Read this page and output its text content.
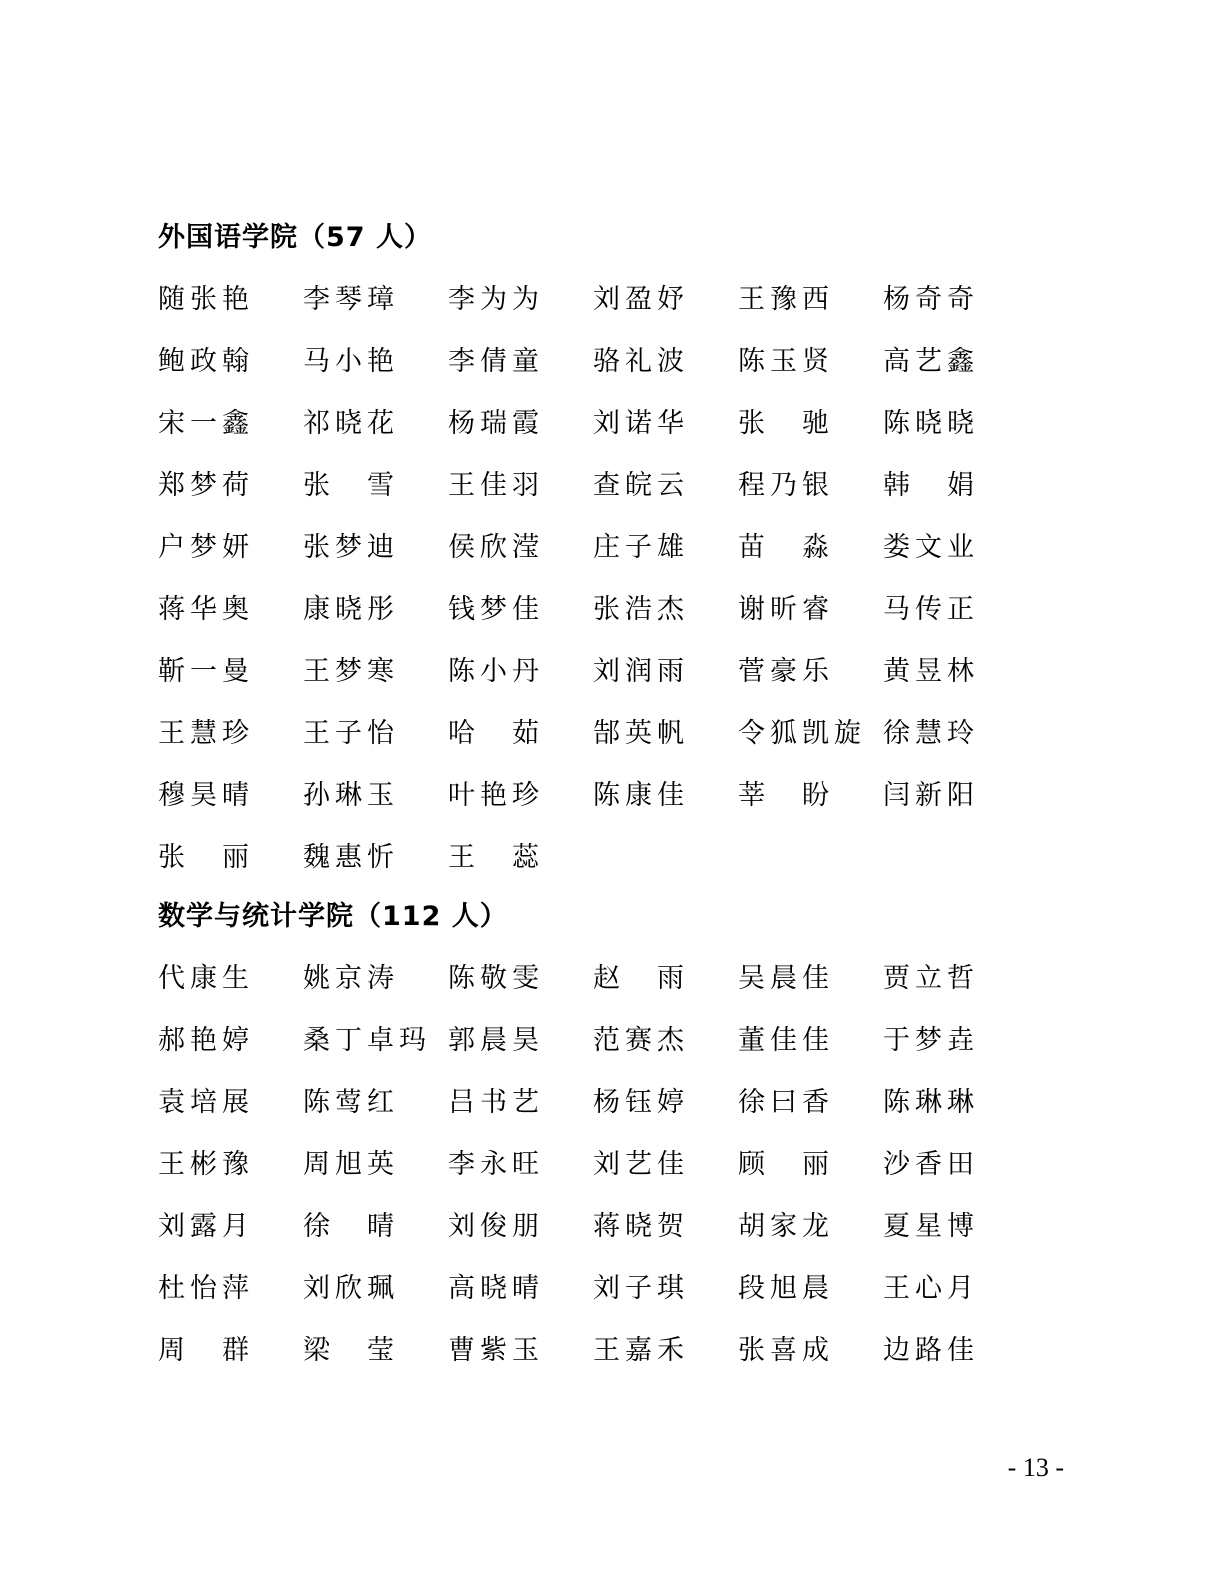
外国语学院（57 人）
随张艳	李琴璋	李为为	刘盈妤	王豫西	杨奇奇
鲍政翰	马小艳	李倩童	骆礼波	陈玉贤	高艺鑫
宋一鑫	祁晓花	杨瑞霞	刘诺华	张　驰	陈晓晓
郑梦荷	张　雪	王佳羽	查皖云	程乃银	韩　娟
户梦妍	张梦迪	侯欣滢	庄子雄	苗　淼	娄文业
蒋华奥	康晓彤	钱梦佳	张浩杰	谢昕睿	马传正
靳一曼	王梦寒	陈小丹	刘润雨	菅豪乐	黄昱林
王慧珍	王子怡	哈　茹	郜英帆	令狐凯旋 徐慧玲
穆昊晴	孙琳玉	叶艳珍	陈康佳	莘　盼	闫新阳
张　丽	魏惠忻	王　蕊
数学与统计学院（112 人）
代康生	姚京涛	陈敬雯	赵　雨	吴晨佳	贾立哲
郝艳婷	桑丁卓玛 郭晨昊	范赛杰	董佳佳	于梦垚
袁培展	陈莺红	吕书艺	杨钰婷	徐曰香	陈琳琳
王彬豫	周旭英	李永旺	刘艺佳	顾　丽	沙香田
刘露月	徐　晴	刘俊朋	蒋晓贺	胡家龙	夏星博
杜怡萍	刘欣珮	高晓晴	刘子琪	段旭晨	王心月
周　群	梁　莹	曹紫玉	王嘉禾	张喜成	边路佳
- 13 -
